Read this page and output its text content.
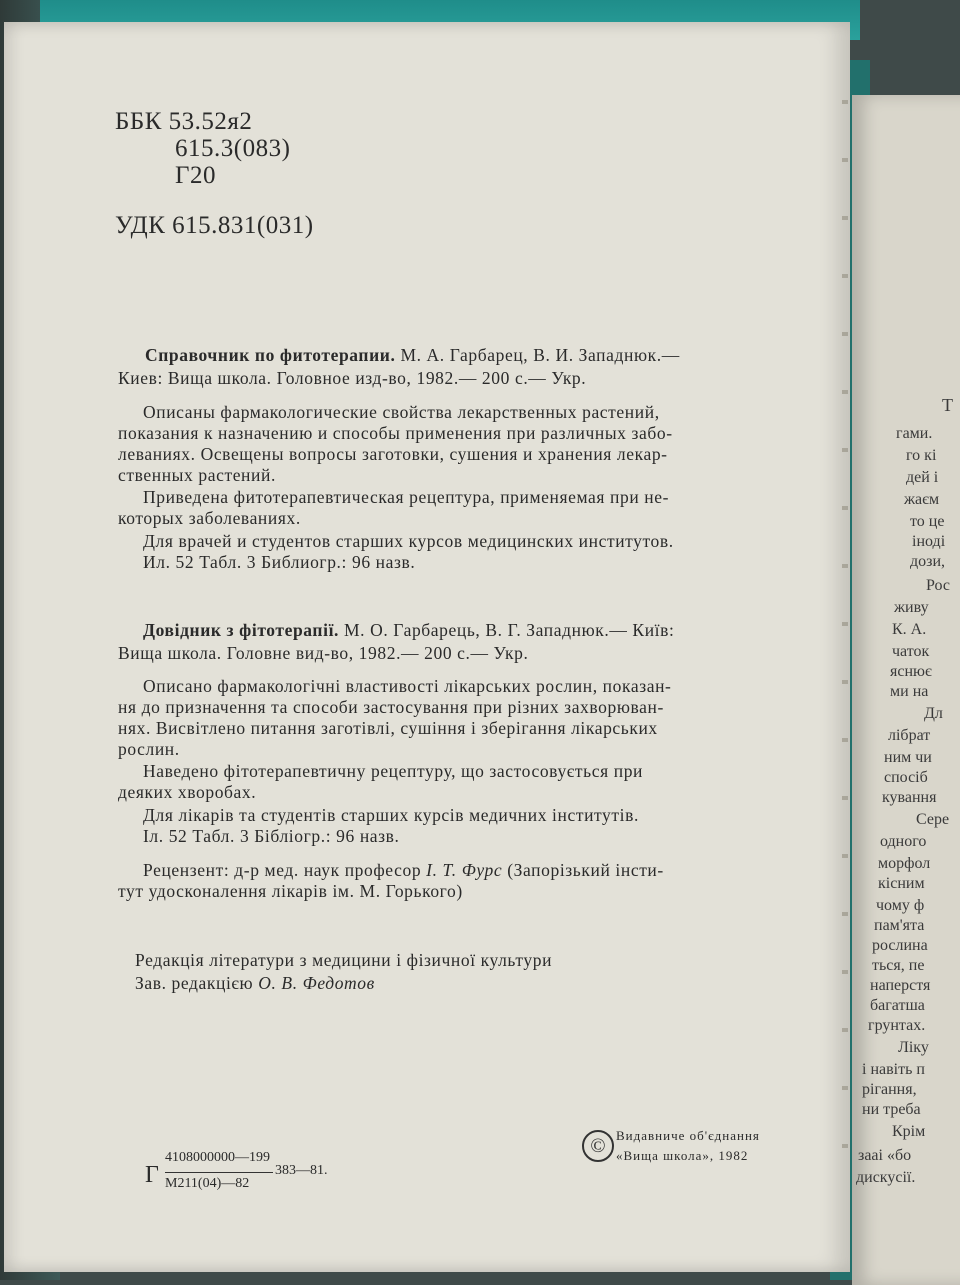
Т
гами.
го кі
дей і
жаєм
то це
іноді
дози,
Рос
живу
К. А.
чаток
яснює
ми на
Дл
лібрат
ним чи
спосіб
кування
Сере
одного
морфол
кісним
чому ф
пам'ята
рослина
ться, пе
наперстя
багатша
грунтах.
Ліку
і навіть п
рігання,
ни треба
Крім
зааі «бо
дискусії.
ББК 53.52я2
615.3(083)
Г20
УДК 615.831(031)
Справочник по фитотерапии. М. А. Гарбарец, В. И. Западнюк.—
Киев: Вища школа. Головное изд-во, 1982.— 200 с.— Укр.
Описаны фармакологические свойства лекарственных растений,
показания к назначению и способы применения при различных забо-
леваниях. Освещены вопросы заготовки, сушения и хранения лекар-
ственных растений.
Приведена фитотерапевтическая рецептура, применяемая при не-
которых заболеваниях.
Для врачей и студентов старших курсов медицинских институтов.
Ил. 52 Табл. 3 Библиогр.: 96 назв.
Довідник з фітотерапії. М. О. Гарбарець, В. Г. Западнюк.— Київ:
Вища школа. Головне вид-во, 1982.— 200 с.— Укр.
Описано фармакологічні властивості лікарських рослин, показан-
ня до призначення та способи застосування при різних захворюван-
нях. Висвітлено питання заготівлі, сушіння і зберігання лікарських
рослин.
Наведено фітотерапевтичну рецептуру, що застосовується при
деяких хворобах.
Для лікарів та студентів старших курсів медичних інститутів.
Іл. 52 Табл. 3 Бібліогр.: 96 назв.
Рецензент: д-р мед. наук професор І. Т. Фурс (Запорізький інсти-
тут удосконалення лікарів ім. М. Горького)
Редакція літератури з медицини і фізичної культури
Зав. редакцією О. В. Федотов
Г
4108000000—199
М211(04)—82
383—81.
© Видавниче об'єднання
«Вища школа», 1982
